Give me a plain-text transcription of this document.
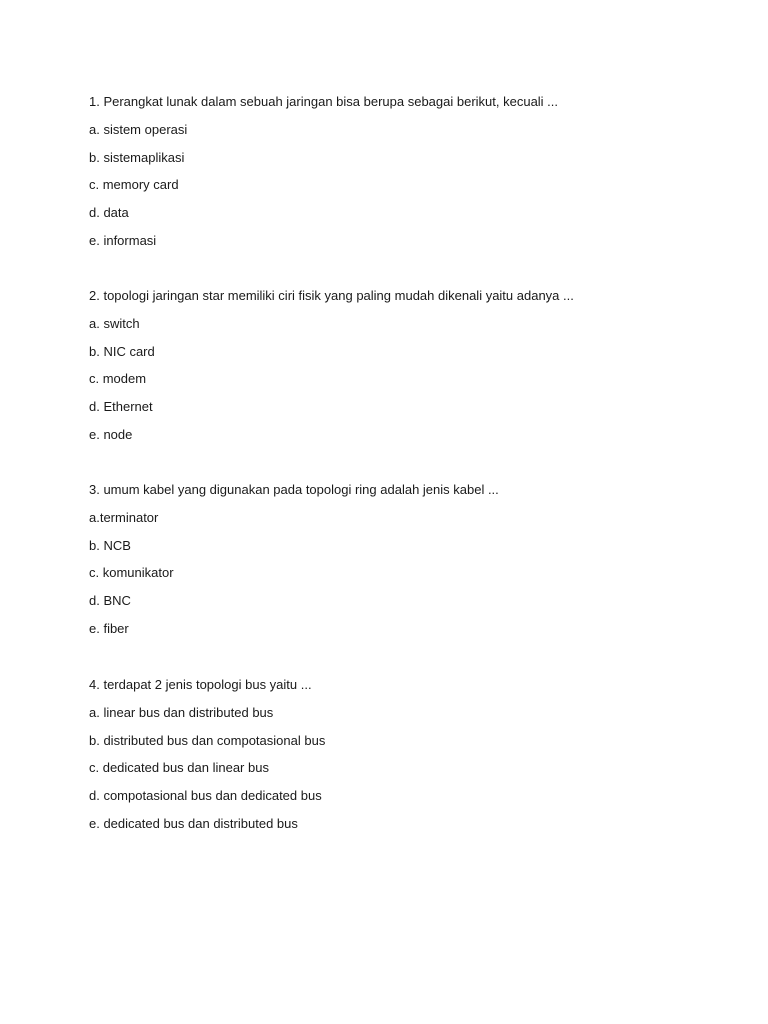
1. Perangkat lunak dalam sebuah jaringan bisa berupa sebagai berikut, kecuali ...
a. sistem operasi
b. sistemaplikasi
c. memory card
d. data
e. informasi
2. topologi jaringan star memiliki ciri fisik yang paling mudah dikenali yaitu adanya ...
a. switch
b. NIC card
c. modem
d. Ethernet
e. node
3. umum kabel yang digunakan pada topologi ring adalah jenis kabel ...
a.terminator
b. NCB
c. komunikator
d. BNC
e. fiber
4. terdapat 2 jenis topologi bus yaitu ...
a. linear bus dan distributed bus
b. distributed bus dan compotasional bus
c. dedicated bus dan linear bus
d. compotasional bus dan dedicated bus
e. dedicated bus dan distributed bus
